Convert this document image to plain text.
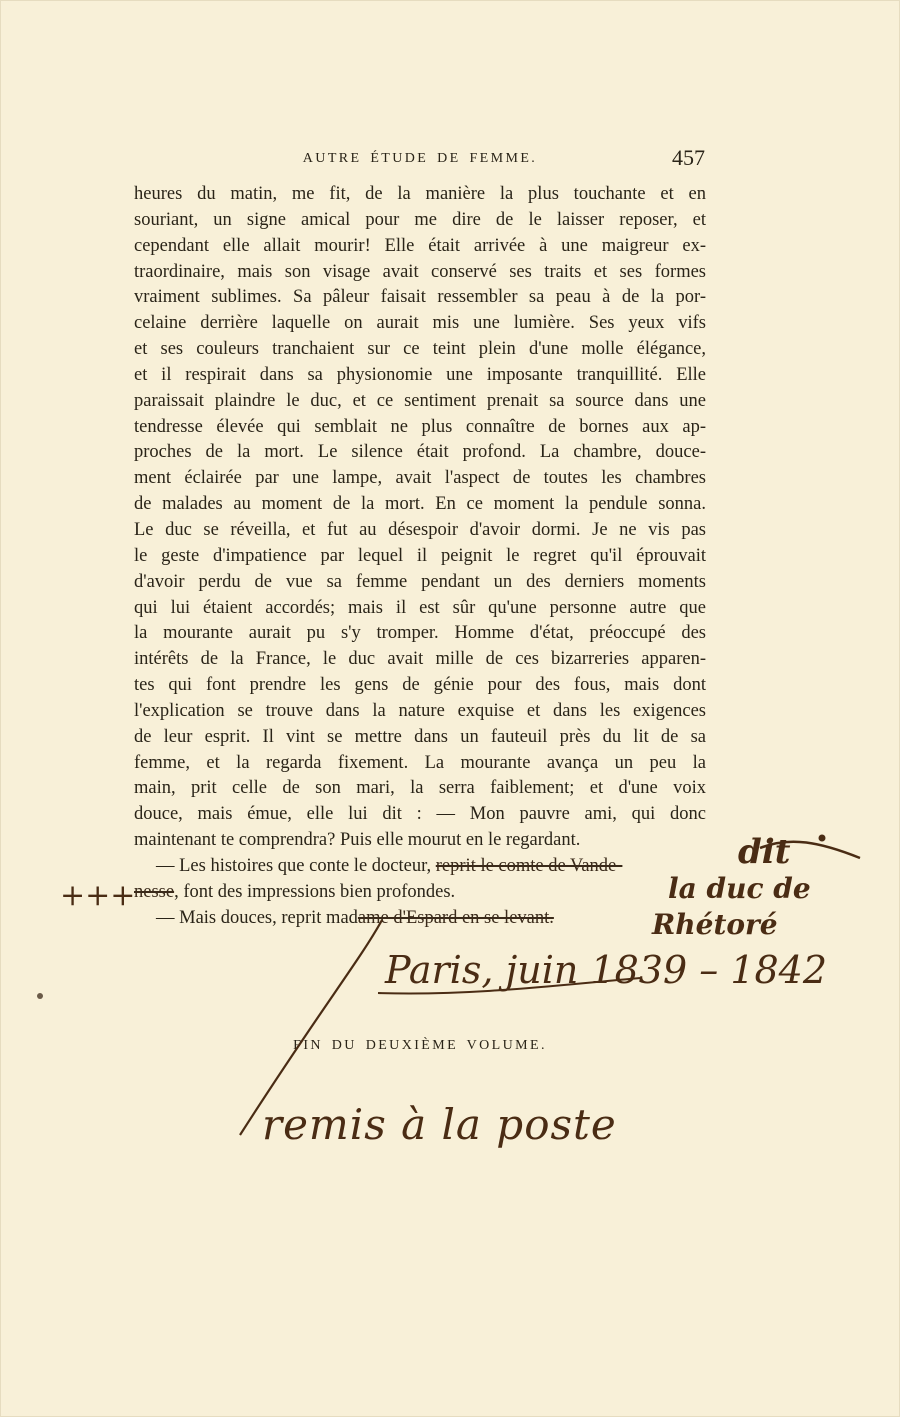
AUTRE ÉTUDE DE FEMME.	457
heures du matin, me fit, de la manière la plus touchante et en
souriant, un signe amical pour me dire de le laisser reposer, et
cependant elle allait mourir! Elle était arrivée à une maigreur ex-
traordinaire, mais son visage avait conservé ses traits et ses formes
vraiment sublimes. Sa pâleur faisait ressembler sa peau à de la por-
celaine derrière laquelle on aurait mis une lumière. Ses yeux vifs
et ses couleurs tranchaient sur ce teint plein d'une molle élégance,
et il respirait dans sa physionomie une imposante tranquillité. Elle
paraissait plaindre le duc, et ce sentiment prenait sa source dans une
tendresse élevée qui semblait ne plus connaître de bornes aux ap-
proches de la mort. Le silence était profond. La chambre, douce-
ment éclairée par une lampe, avait l'aspect de toutes les chambres
de malades au moment de la mort. En ce moment la pendule sonna.
Le duc se réveilla, et fut au désespoir d'avoir dormi. Je ne vis pas
le geste d'impatience par lequel il peignit le regret qu'il éprouvait
d'avoir perdu de vue sa femme pendant un des derniers moments
qui lui étaient accordés; mais il est sûr qu'une personne autre que
la mourante aurait pu s'y tromper. Homme d'état, préoccupé des
intérêts de la France, le duc avait mille de ces bizarreries apparen-
tes qui font prendre les gens de génie pour des fous, mais dont
l'explication se trouve dans la nature exquise et dans les exigences
de leur esprit. Il vint se mettre dans un fauteuil près du lit de sa
femme, et la regarda fixement. La mourante avança un peu la
main, prit celle de son mari, la serra faiblement; et d'une voix
douce, mais émue, elle lui dit : — Mon pauvre ami, qui donc
maintenant te comprendra? Puis elle mourut en le regardant.
— Les histoires que conte le docteur, reprit le comte de Vande-
nesse, font des impressions bien profondes.
— Mais douces, reprit madame d'Espard en se levant.
+++
dit
la duc de
Rhétoré
Paris, juin 1839 – 1842
FIN DU DEUXIÈME VOLUME.
remis à la poste
